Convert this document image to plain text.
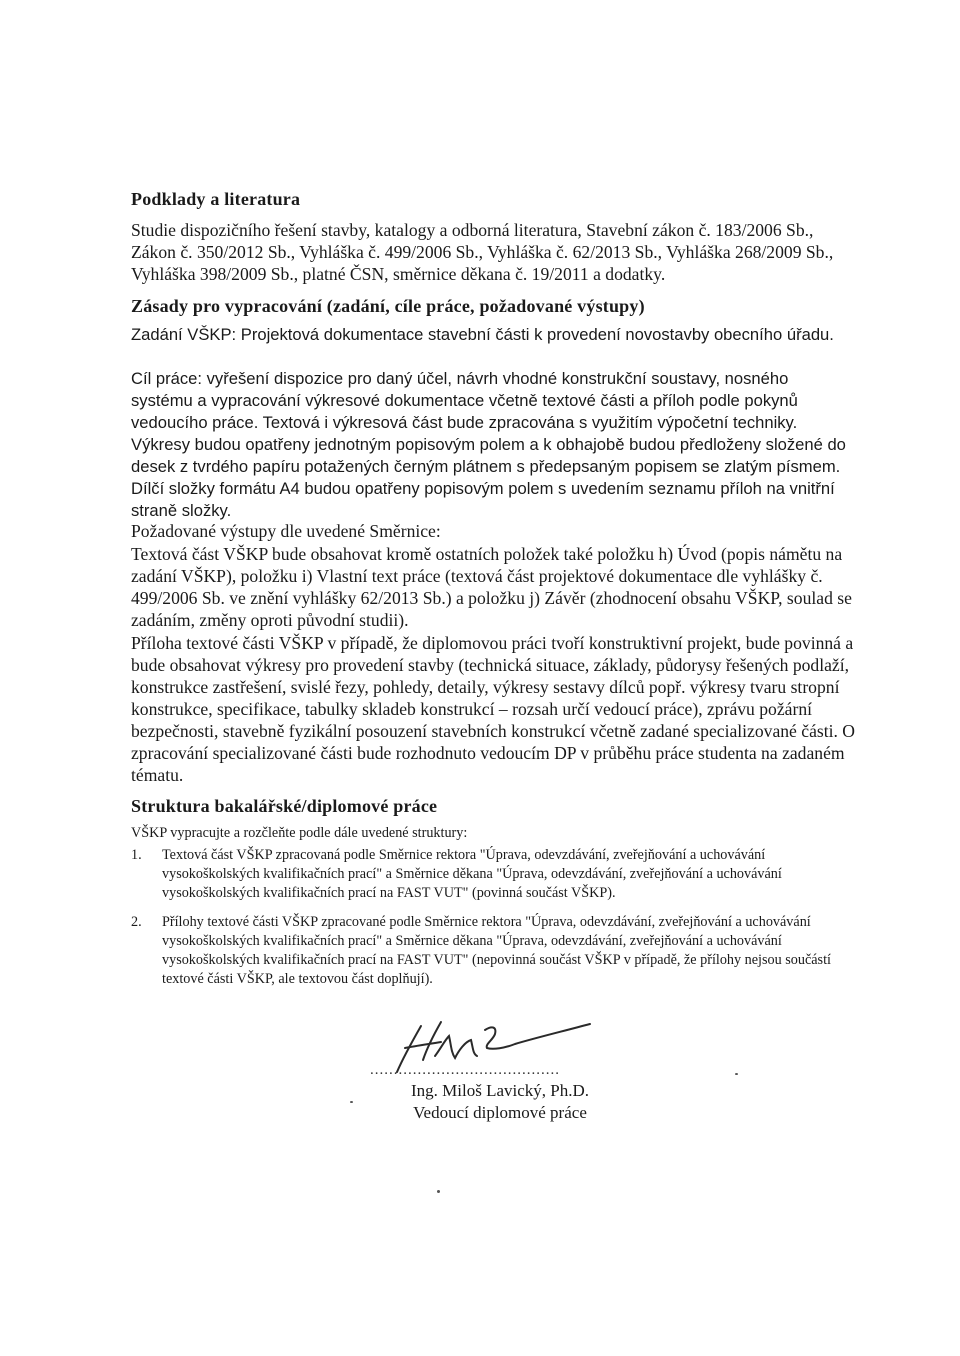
Podklady a literatura

Studie dispozičního řešení stavby, katalogy a odborná literatura, Stavební zákon č. 183/2006 Sb., Zákon č. 350/2012 Sb., Vyhláška č. 499/2006 Sb., Vyhláška č. 62/2013 Sb., Vyhláška 268/2009 Sb., Vyhláška 398/2009 Sb., platné ČSN, směrnice děkana č. 19/2011 a dodatky.

Zásady pro vypracování (zadání, cíle práce, požadované výstupy)

Zadání VŠKP: Projektová dokumentace stavební části k provedení novostavby obecního úřadu.

Cíl práce: vyřešení dispozice pro daný účel, návrh vhodné konstrukční soustavy, nosného systému a vypracování výkresové dokumentace včetně textové části a příloh podle pokynů vedoucího práce. Textová i výkresová část bude zpracována s využitím výpočetní techniky. Výkresy budou opatřeny jednotným popisovým polem a k obhajobě budou předloženy složené do desek z tvrdého papíru potažených černým plátnem s předepsaným popisem se zlatým písmem. Dílčí složky formátu A4 budou opatřeny popisovým polem s uvedením seznamu příloh na vnitřní straně složky.

Požadované výstupy dle uvedené Směrnice:

Textová část VŠKP bude obsahovat kromě ostatních položek také položku h) Úvod (popis námětu na zadání VŠKP), položku i) Vlastní text práce (textová část projektové dokumentace dle vyhlášky č. 499/2006 Sb. ve znění vyhlášky 62/2013 Sb.) a položku j) Závěr (zhodnocení obsahu VŠKP, soulad se zadáním, změny oproti původní studii).

Příloha textové části VŠKP v případě, že diplomovou práci tvoří konstruktivní projekt, bude povinná a bude obsahovat výkresy pro provedení stavby (technická situace, základy, půdorysy řešených podlaží, konstrukce zastřešení, svislé řezy, pohledy, detaily, výkresy sestavy dílců popř. výkresy tvaru stropní konstrukce, specifikace, tabulky skladeb konstrukcí – rozsah určí vedoucí práce), zprávu požární bezpečnosti, stavebně fyzikální posouzení stavebních konstrukcí včetně zadané specializované části. O zpracování specializované části bude rozhodnuto vedoucím DP v průběhu práce studenta na zadaném tématu.

Struktura bakalářské/diplomové práce

VŠKP vypracujte a rozčleňte podle dále uvedené struktury:

1. Textová část VŠKP zpracovaná podle Směrnice rektora "Úprava, odevzdávání, zveřejňování a uchovávání vysokoškolských kvalifikačních prací" a Směrnice děkana "Úprava, odevzdávání, zveřejňování a uchovávání vysokoškolských kvalifikačních prací na FAST VUT" (povinná součást VŠKP).
2. Přílohy textové části VŠKP zpracované podle Směrnice rektora "Úprava, odevzdávání, zveřejňování a uchovávání vysokoškolských kvalifikačních prací" a Směrnice děkana "Úprava, odevzdávání, zveřejňování a uchovávání vysokoškolských kvalifikačních prací na FAST VUT" (nepovinná součást VŠKP v případě, že přílohy nejsou součástí textové části VŠKP, ale textovou část doplňují).
........................................
Ing. Miloš Lavický, Ph.D.
Vedoucí diplomové práce
